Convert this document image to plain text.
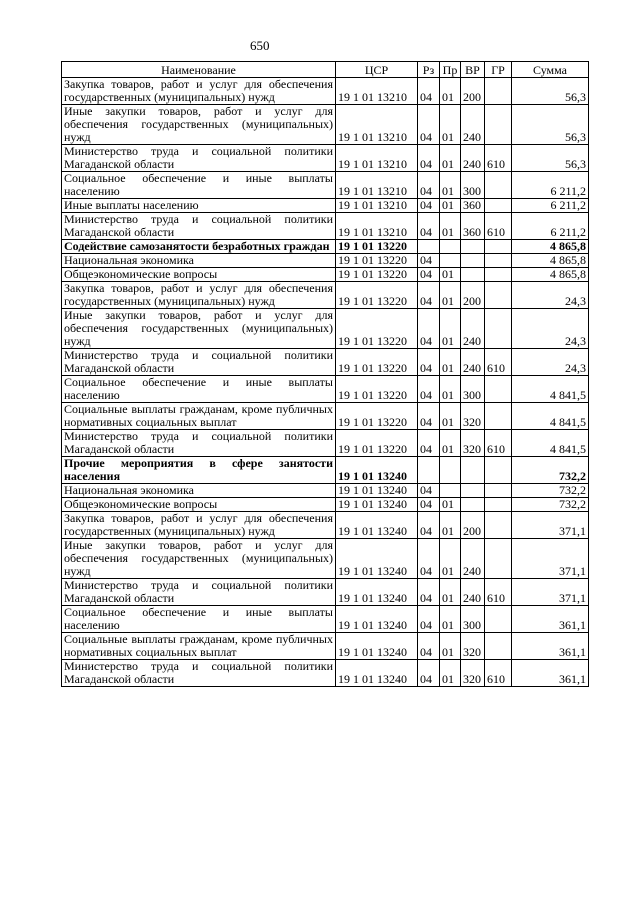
650
Наименование	ЦСР	Рз	Пр	ВР	ГР	Сумма
Закупка товаров, работ и услуг для обеспечения государственных (муниципальных) нужд	19 1 01 13210	04	01	200		56,3
Иные закупки товаров, работ и услуг для обеспечения государственных (муниципальных) нужд	19 1 01 13210	04	01	240		56,3
Министерство труда и социальной политики Магаданской области	19 1 01 13210	04	01	240	610	56,3
Социальное обеспечение и иные выплаты населению	19 1 01 13210	04	01	300		6 211,2
Иные выплаты населению	19 1 01 13210	04	01	360		6 211,2
Министерство труда и социальной политики Магаданской области	19 1 01 13210	04	01	360	610	6 211,2
Содействие самозанятости безработных граждан	19 1 01 13220					4 865,8
Национальная экономика	19 1 01 13220	04				4 865,8
Общеэкономические вопросы	19 1 01 13220	04	01			4 865,8
Закупка товаров, работ и услуг для обеспечения государственных (муниципальных) нужд	19 1 01 13220	04	01	200		24,3
Иные закупки товаров, работ и услуг для обеспечения государственных (муниципальных) нужд	19 1 01 13220	04	01	240		24,3
Министерство труда и социальной политики Магаданской области	19 1 01 13220	04	01	240	610	24,3
Социальное обеспечение и иные выплаты населению	19 1 01 13220	04	01	300		4 841,5
Социальные выплаты гражданам, кроме публичных нормативных социальных выплат	19 1 01 13220	04	01	320		4 841,5
Министерство труда и социальной политики Магаданской области	19 1 01 13220	04	01	320	610	4 841,5
Прочие мероприятия в сфере занятости населения	19 1 01 13240					732,2
Национальная экономика	19 1 01 13240	04				732,2
Общеэкономические вопросы	19 1 01 13240	04	01			732,2
Закупка товаров, работ и услуг для обеспечения государственных (муниципальных) нужд	19 1 01 13240	04	01	200		371,1
Иные закупки товаров, работ и услуг для обеспечения государственных (муниципальных) нужд	19 1 01 13240	04	01	240		371,1
Министерство труда и социальной политики Магаданской области	19 1 01 13240	04	01	240	610	371,1
Социальное обеспечение и иные выплаты населению	19 1 01 13240	04	01	300		361,1
Социальные выплаты гражданам, кроме публичных нормативных социальных выплат	19 1 01 13240	04	01	320		361,1
Министерство труда и социальной политики Магаданской области	19 1 01 13240	04	01	320	610	361,1
